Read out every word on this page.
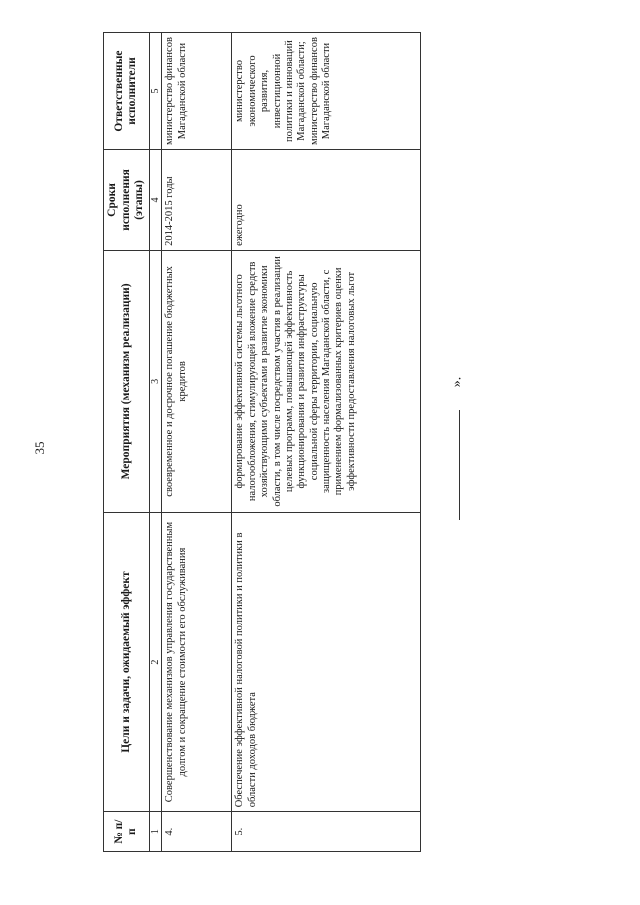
35
№ п/п	Цели и задачи, ожидаемый эффект	Мероприятия (механизм реализации)	Сроки исполнения (этапы)	Ответственные исполнители
1	2	3	4	5
4.	Совершенствование механизмов управления государственным долгом и сокращение стоимости его обслуживания	своевременное и досрочное погашение бюджетных кредитов	2014-2015 годы	министерство финансов Магаданской области
5.	Обеспечение эффективной налоговой политики и политики в области доходов бюджета	формирование эффективной системы льготного налогообложения, стимулирующей вложение средств хозяйствующими субъектами в развитие экономики области, в том числе посредством участия в реализации целевых программ, повышающей эффективность функционирования и развития инфраструктуры социальной сферы территории, социальную защищенность населения Магаданской области, с применением формализованных критериев оценки эффективности предоставления налоговых льгот	ежегодно	министерство экономического развития, инвестиционной политики и инноваций Магаданской области; министерство финансов Магаданской области
».
